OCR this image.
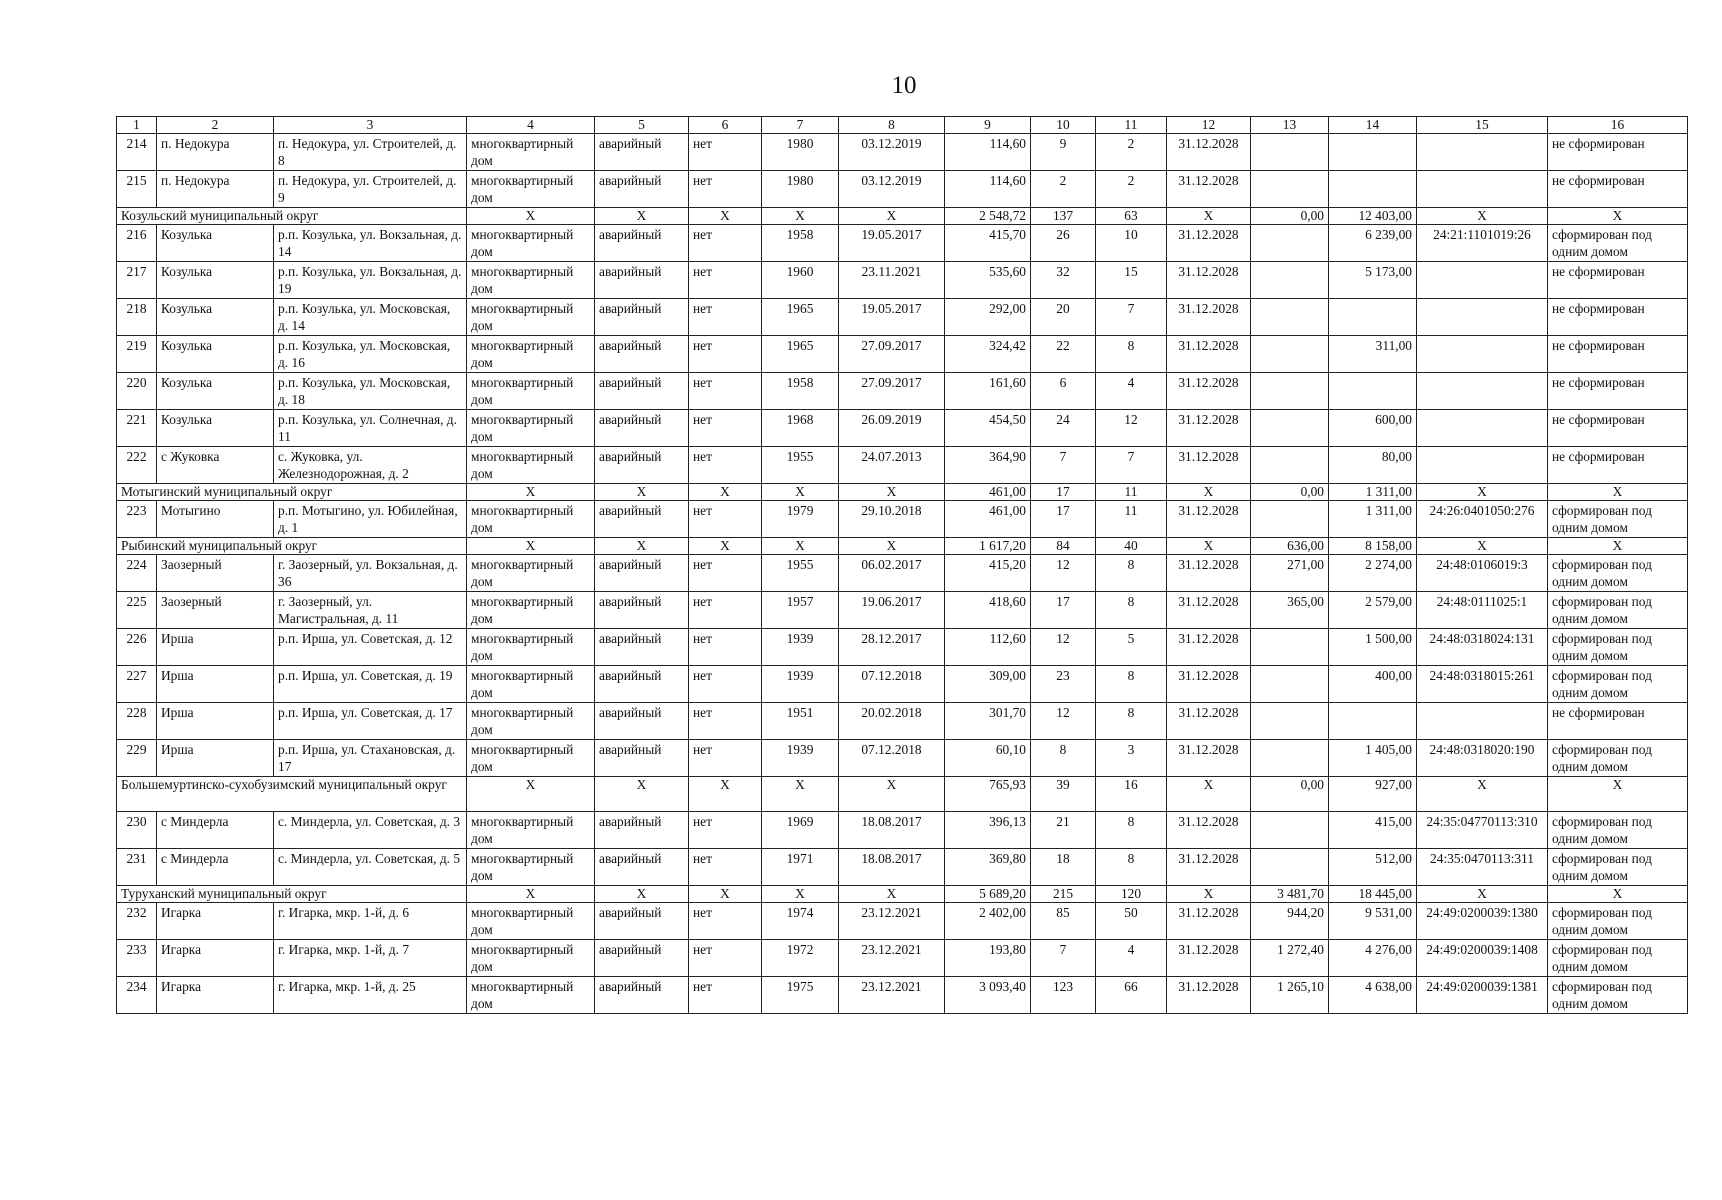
10
1	2	3	4	5	6	7	8	9	10	11	12	13	14	15	16
214	п. Недокура	п. Недокура, ул. Строителей, д. 8	многоквартирный дом	аварийный	нет	1980	03.12.2019	114,60	9	2	31.12.2028				не сформирован
215	п. Недокура	п. Недокура, ул. Строителей, д. 9	многоквартирный дом	аварийный	нет	1980	03.12.2019	114,60	2	2	31.12.2028				не сформирован
Козульский муниципальный округ			X	X	X	X	X	2 548,72	137	63	X	0,00	12 403,00	X	X
216	Козулька	р.п. Козулька, ул. Вокзальная, д. 14	многоквартирный дом	аварийный	нет	1958	19.05.2017	415,70	26	10	31.12.2028		6 239,00	24:21:1101019:26	сформирован под одним домом
217	Козулька	р.п. Козулька, ул. Вокзальная, д. 19	многоквартирный дом	аварийный	нет	1960	23.11.2021	535,60	32	15	31.12.2028		5 173,00		не сформирован
218	Козулька	р.п. Козулька, ул. Московская, д. 14	многоквартирный дом	аварийный	нет	1965	19.05.2017	292,00	20	7	31.12.2028				не сформирован
219	Козулька	р.п. Козулька, ул. Московская, д. 16	многоквартирный дом	аварийный	нет	1965	27.09.2017	324,42	22	8	31.12.2028		311,00		не сформирован
220	Козулька	р.п. Козулька, ул. Московская, д. 18	многоквартирный дом	аварийный	нет	1958	27.09.2017	161,60	6	4	31.12.2028				не сформирован
221	Козулька	р.п. Козулька, ул. Солнечная, д. 11	многоквартирный дом	аварийный	нет	1968	26.09.2019	454,50	24	12	31.12.2028		600,00		не сформирован
222	с Жуковка	с. Жуковка, ул. Железнодорожная, д. 2	многоквартирный дом	аварийный	нет	1955	24.07.2013	364,90	7	7	31.12.2028		80,00		не сформирован
Мотыгинский муниципальный округ			X	X	X	X	X	461,00	17	11	X	0,00	1 311,00	X	X
223	Мотыгино	р.п. Мотыгино, ул. Юбилейная, д. 1	многоквартирный дом	аварийный	нет	1979	29.10.2018	461,00	17	11	31.12.2028		1 311,00	24:26:0401050:276	сформирован под одним домом
Рыбинский муниципальный округ			X	X	X	X	X	1 617,20	84	40	X	636,00	8 158,00	X	X
224	Заозерный	г. Заозерный, ул. Вокзальная, д. 36	многоквартирный дом	аварийный	нет	1955	06.02.2017	415,20	12	8	31.12.2028	271,00	2 274,00	24:48:0106019:3	сформирован под одним домом
225	Заозерный	г. Заозерный, ул. Магистральная, д. 11	многоквартирный дом	аварийный	нет	1957	19.06.2017	418,60	17	8	31.12.2028	365,00	2 579,00	24:48:0111025:1	сформирован под одним домом
226	Ирша	р.п. Ирша, ул. Советская, д. 12	многоквартирный дом	аварийный	нет	1939	28.12.2017	112,60	12	5	31.12.2028		1 500,00	24:48:0318024:131	сформирован под одним домом
227	Ирша	р.п. Ирша, ул. Советская, д. 19	многоквартирный дом	аварийный	нет	1939	07.12.2018	309,00	23	8	31.12.2028		400,00	24:48:0318015:261	сформирован под одним домом
228	Ирша	р.п. Ирша, ул. Советская, д. 17	многоквартирный дом	аварийный	нет	1951	20.02.2018	301,70	12	8	31.12.2028				не сформирован
229	Ирша	р.п. Ирша, ул. Стахановская, д. 17	многоквартирный дом	аварийный	нет	1939	07.12.2018	60,10	8	3	31.12.2028		1 405,00	24:48:0318020:190	сформирован под одним домом
Большемуртинско-сухобузимский муниципальный округ			X	X	X	X	X	765,93	39	16	X	0,00	927,00	X	X
230	с Миндерла	с. Миндерла, ул. Советская, д. 3	многоквартирный дом	аварийный	нет	1969	18.08.2017	396,13	21	8	31.12.2028		415,00	24:35:04770113:310	сформирован под одним домом
231	с Миндерла	с. Миндерла, ул. Советская, д. 5	многоквартирный дом	аварийный	нет	1971	18.08.2017	369,80	18	8	31.12.2028		512,00	24:35:0470113:311	сформирован под одним домом
Туруханский муниципальный округ			X	X	X	X	X	5 689,20	215	120	X	3 481,70	18 445,00	X	X
232	Игарка	г. Игарка, мкр. 1-й, д. 6	многоквартирный дом	аварийный	нет	1974	23.12.2021	2 402,00	85	50	31.12.2028	944,20	9 531,00	24:49:0200039:1380	сформирован под одним домом
233	Игарка	г. Игарка, мкр. 1-й, д. 7	многоквартирный дом	аварийный	нет	1972	23.12.2021	193,80	7	4	31.12.2028	1 272,40	4 276,00	24:49:0200039:1408	сформирован под одним домом
234	Игарка	г. Игарка, мкр. 1-й, д. 25	многоквартирный дом	аварийный	нет	1975	23.12.2021	3 093,40	123	66	31.12.2028	1 265,10	4 638,00	24:49:0200039:1381	сформирован под одним домом
